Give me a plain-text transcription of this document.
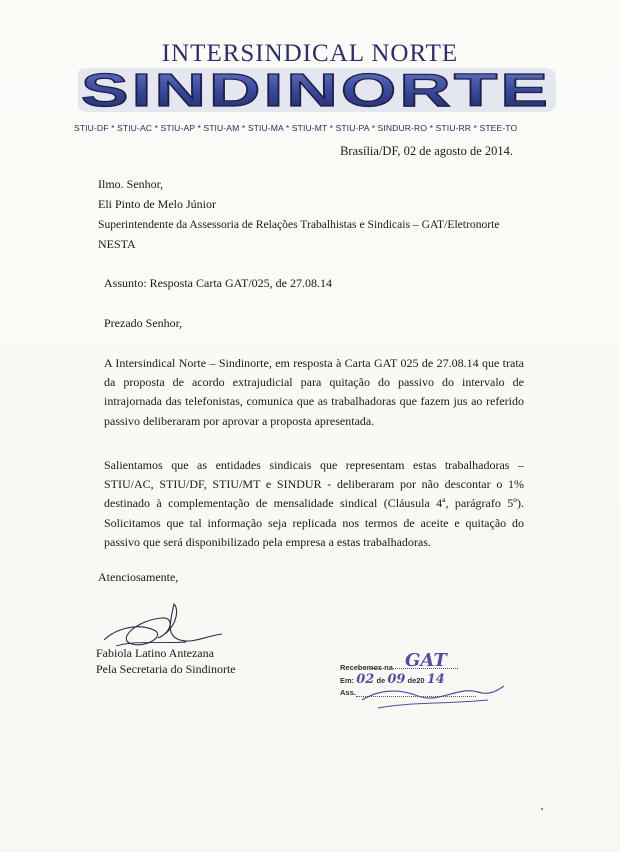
INTERSINDICAL NORTE
SINDINORTE
STIU-DF * STIU-AC * STIU-AP * STIU-AM * STIU-MA * STIU-MT * STIU-PA * SINDUR-RO * STIU-RR * STEE-TO
Brasília/DF, 02 de agosto de 2014.
Ilmo. Senhor,
Eli Pinto de Melo Júnior
Superintendente da Assessoria de Relações Trabalhistas e Sindicais – GAT/Eletronorte
NESTA
Assunto: Resposta Carta GAT/025, de 27.08.14
Prezado Senhor,
A Intersindical Norte – Sindinorte, em resposta à Carta GAT 025 de 27.08.14 que trata da proposta de acordo extrajudicial para quitação do passivo do intervalo de intrajornada das telefonistas, comunica que as trabalhadoras que fazem jus ao referido passivo deliberaram por aprovar a proposta apresentada.
Salientamos que as entidades sindicais que representam estas trabalhadoras – STIU/AC, STIU/DF, STIU/MT e SINDUR - deliberaram por não descontar o 1% destinado à complementação de mensalidade sindical (Cláusula 4ª, parágrafo 5º). Solicitamos que tal informação seja replicada nos termos de aceite e quitação do passivo que será disponibilizado pela empresa a estas trabalhadoras.
Atenciosamente,
Fabiola Latino Antezana
Pela Secretaria do Sindinorte	Recebemos na GAT
Em: 02 de 09 de20 14
Ass.
